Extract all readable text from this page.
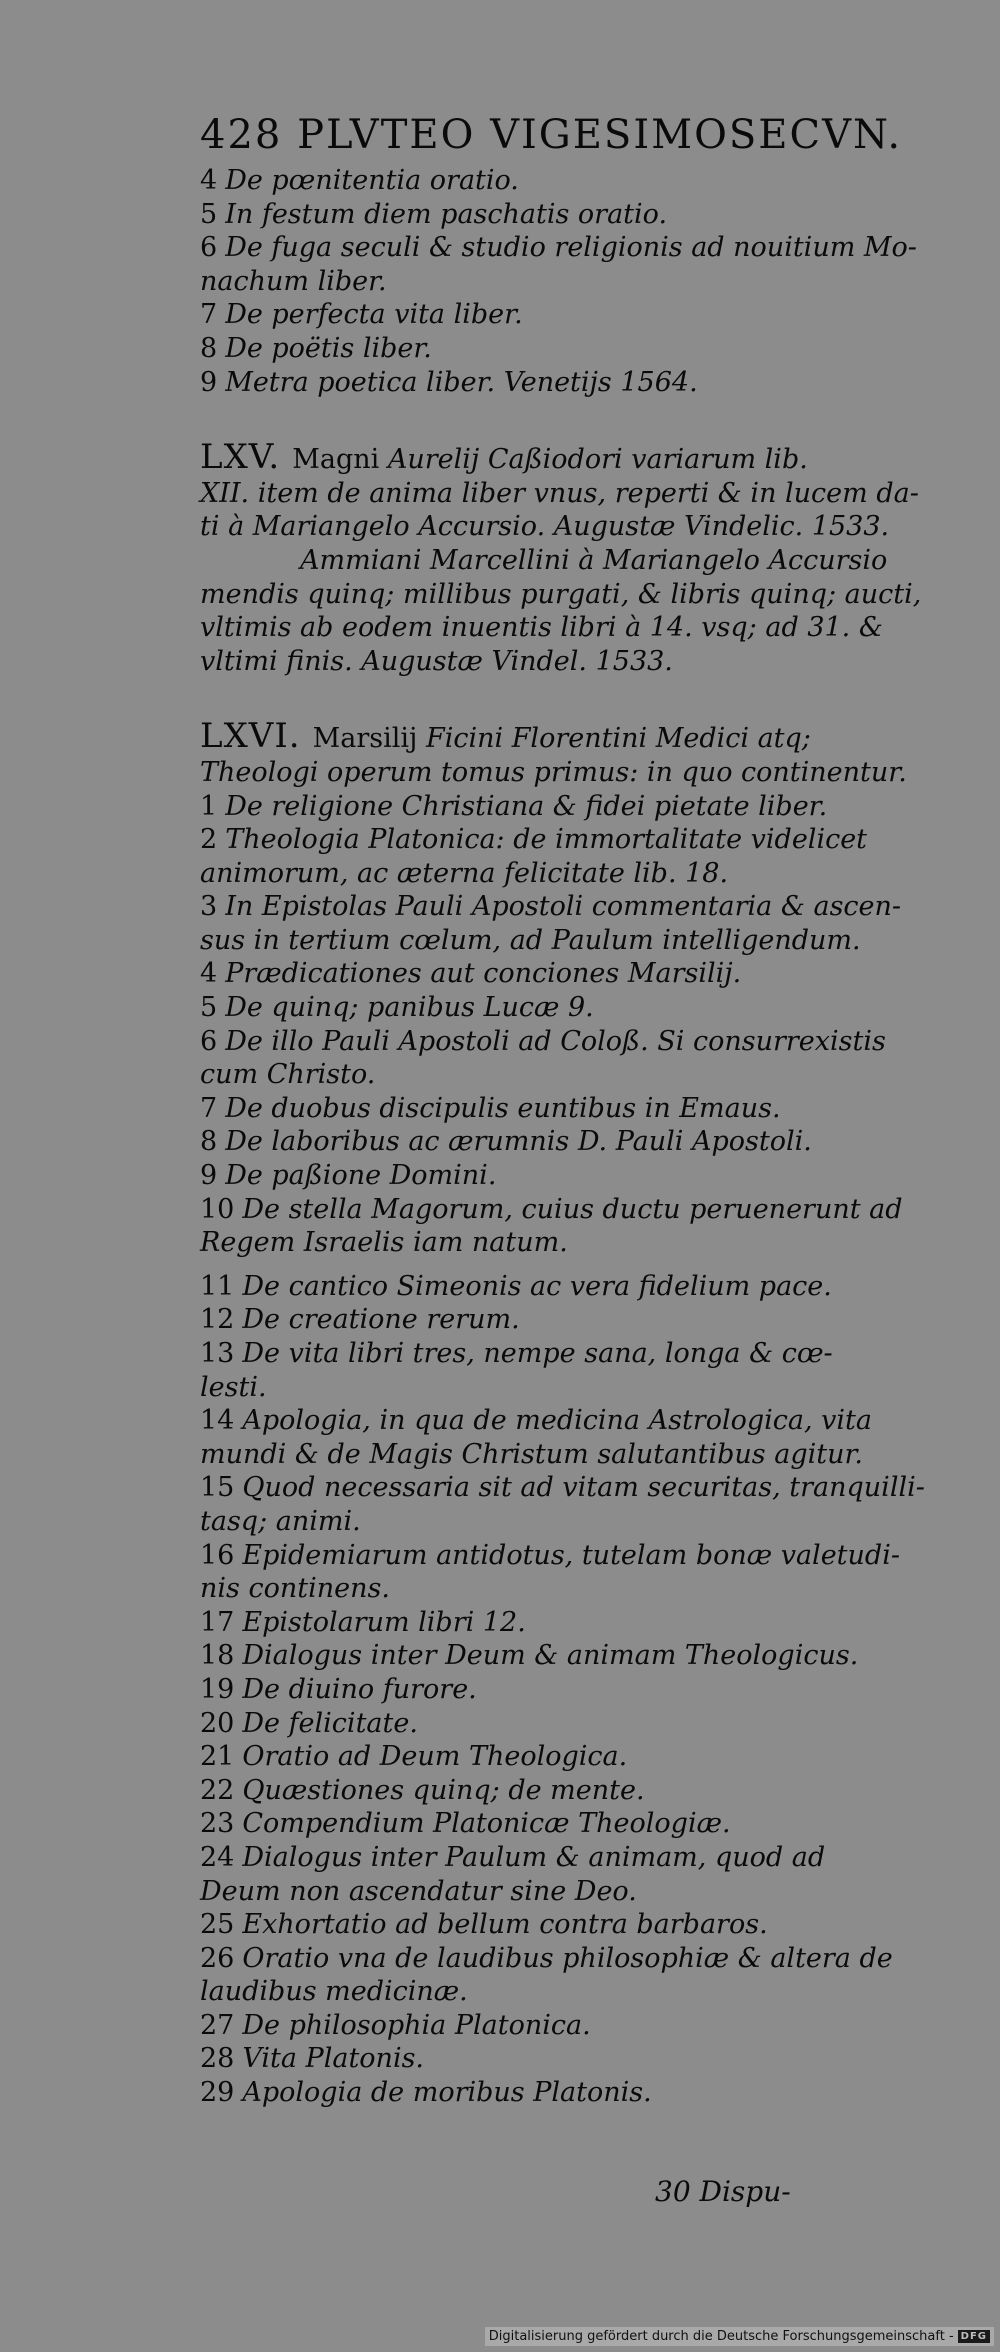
428 PLVTEO VIGESIMOSECVN.
4 De pœnitentia oratio.
5 In festum diem paschatis oratio.
6 De fuga seculi & studio religionis ad nouitium Mo-
nachum liber.
7 De perfecta vita liber.
8 De poëtis liber.
9 Metra poetica liber. Venetijs 1564.
LXV. Magni Aurelij Caßiodori variarum lib.
XII. item de anima liber vnus, reperti & in lucem da-
ti à Mariangelo Accursio. Augustæ Vindelic. 1533.
Ammiani Marcellini à Mariangelo Accursio
mendis quinq; millibus purgati, & libris quinq; aucti,
vltimis ab eodem inuentis libri à 14. vsq; ad 31. &
vltimi finis. Augustæ Vindel. 1533.
LXVI. Marsilij Ficini Florentini Medici atq;
Theologi operum tomus primus: in quo continentur.
1 De religione Christiana & fidei pietate liber.
2 Theologia Platonica: de immortalitate videlicet
animorum, ac æterna felicitate lib. 18.
3 In Epistolas Pauli Apostoli commentaria & ascen-
sus in tertium cœlum, ad Paulum intelligendum.
4 Prædicationes aut conciones Marsilij.
5 De quinq; panibus Lucæ 9.
6 De illo Pauli Apostoli ad Coloß. Si consurrexistis
cum Christo.
7 De duobus discipulis euntibus in Emaus.
8 De laboribus ac ærumnis D. Pauli Apostoli.
9 De paßione Domini.
10 De stella Magorum, cuius ductu peruenerunt ad
Regem Israelis iam natum.
11 De cantico Simeonis ac vera fidelium pace.
12 De creatione rerum.
13 De vita libri tres, nempe sana, longa & cœ-
lesti.
14 Apologia, in qua de medicina Astrologica, vita
mundi & de Magis Christum salutantibus agitur.
15 Quod necessaria sit ad vitam securitas, tranquilli-
tasq; animi.
16 Epidemiarum antidotus, tutelam bonæ valetudi-
nis continens.
17 Epistolarum libri 12.
18 Dialogus inter Deum & animam Theologicus.
19 De diuino furore.
20 De felicitate.
21 Oratio ad Deum Theologica.
22 Quæstiones quinq; de mente.
23 Compendium Platonicæ Theologiæ.
24 Dialogus inter Paulum & animam, quod ad
Deum non ascendatur sine Deo.
25 Exhortatio ad bellum contra barbaros.
26 Oratio vna de laudibus philosophiæ & altera de
laudibus medicinæ.
27 De philosophia Platonica.
28 Vita Platonis.
29 Apologia de moribus Platonis.
30 Dispu-
Digitalisierung gefördert durch die Deutsche Forschungsgemeinschaft - DFG
